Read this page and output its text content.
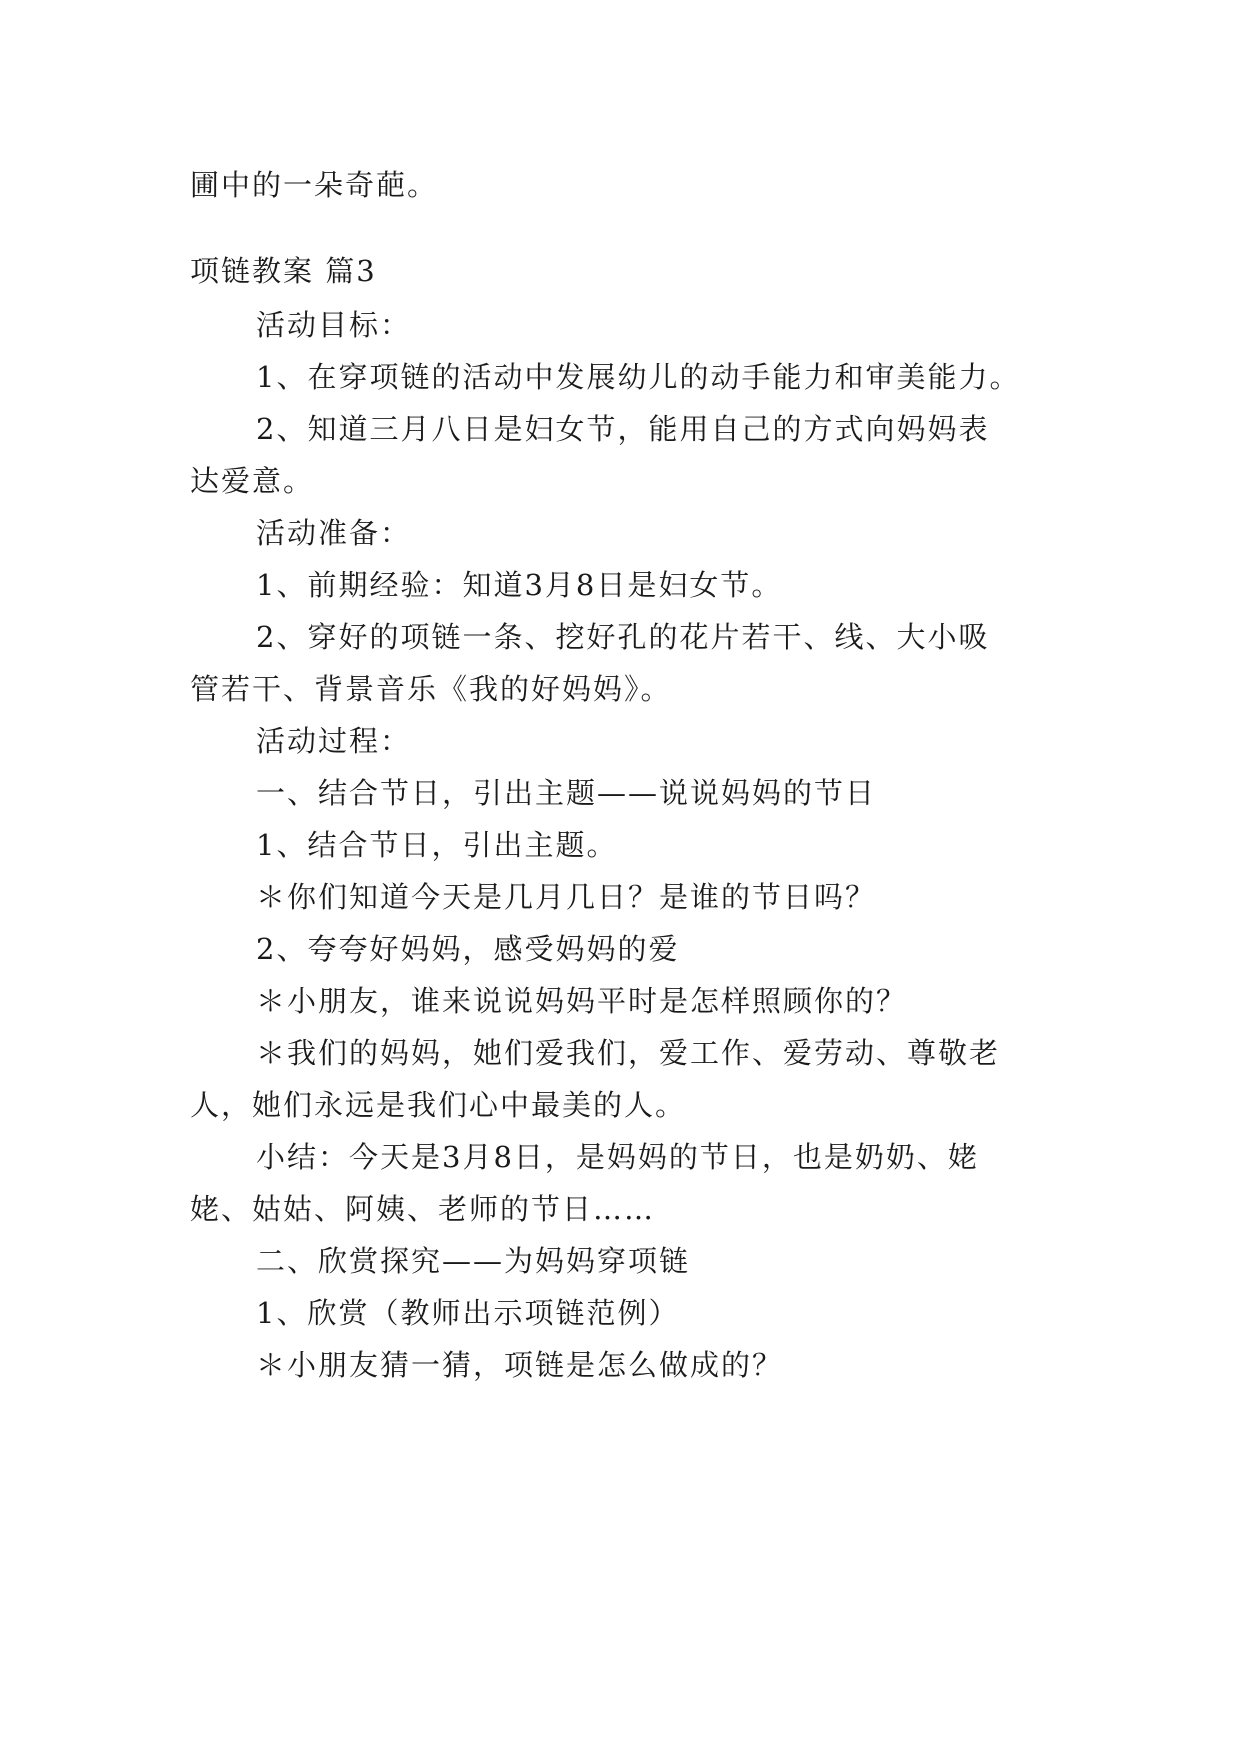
圃中的一朵奇葩。
项链教案 篇3
活动目标：
1、在穿项链的活动中发展幼儿的动手能力和审美能力。
2、知道三月八日是妇女节，能用自己的方式向妈妈表
达爱意。
活动准备：
1、前期经验：知道3月8日是妇女节。
2、穿好的项链一条、挖好孔的花片若干、线、大小吸
管若干、背景音乐《我的好妈妈》。
活动过程：
一、结合节日，引出主题——说说妈妈的节日
1、结合节日，引出主题。
＊你们知道今天是几月几日？是谁的节日吗？
2、夸夸好妈妈，感受妈妈的爱
＊小朋友，谁来说说妈妈平时是怎样照顾你的？
＊我们的妈妈，她们爱我们，爱工作、爱劳动、尊敬老
人，她们永远是我们心中最美的人。
小结：今天是3月8日，是妈妈的节日，也是奶奶、姥
姥、姑姑、阿姨、老师的节日……
二、欣赏探究——为妈妈穿项链
1、欣赏（教师出示项链范例）
＊小朋友猜一猜，项链是怎么做成的？
